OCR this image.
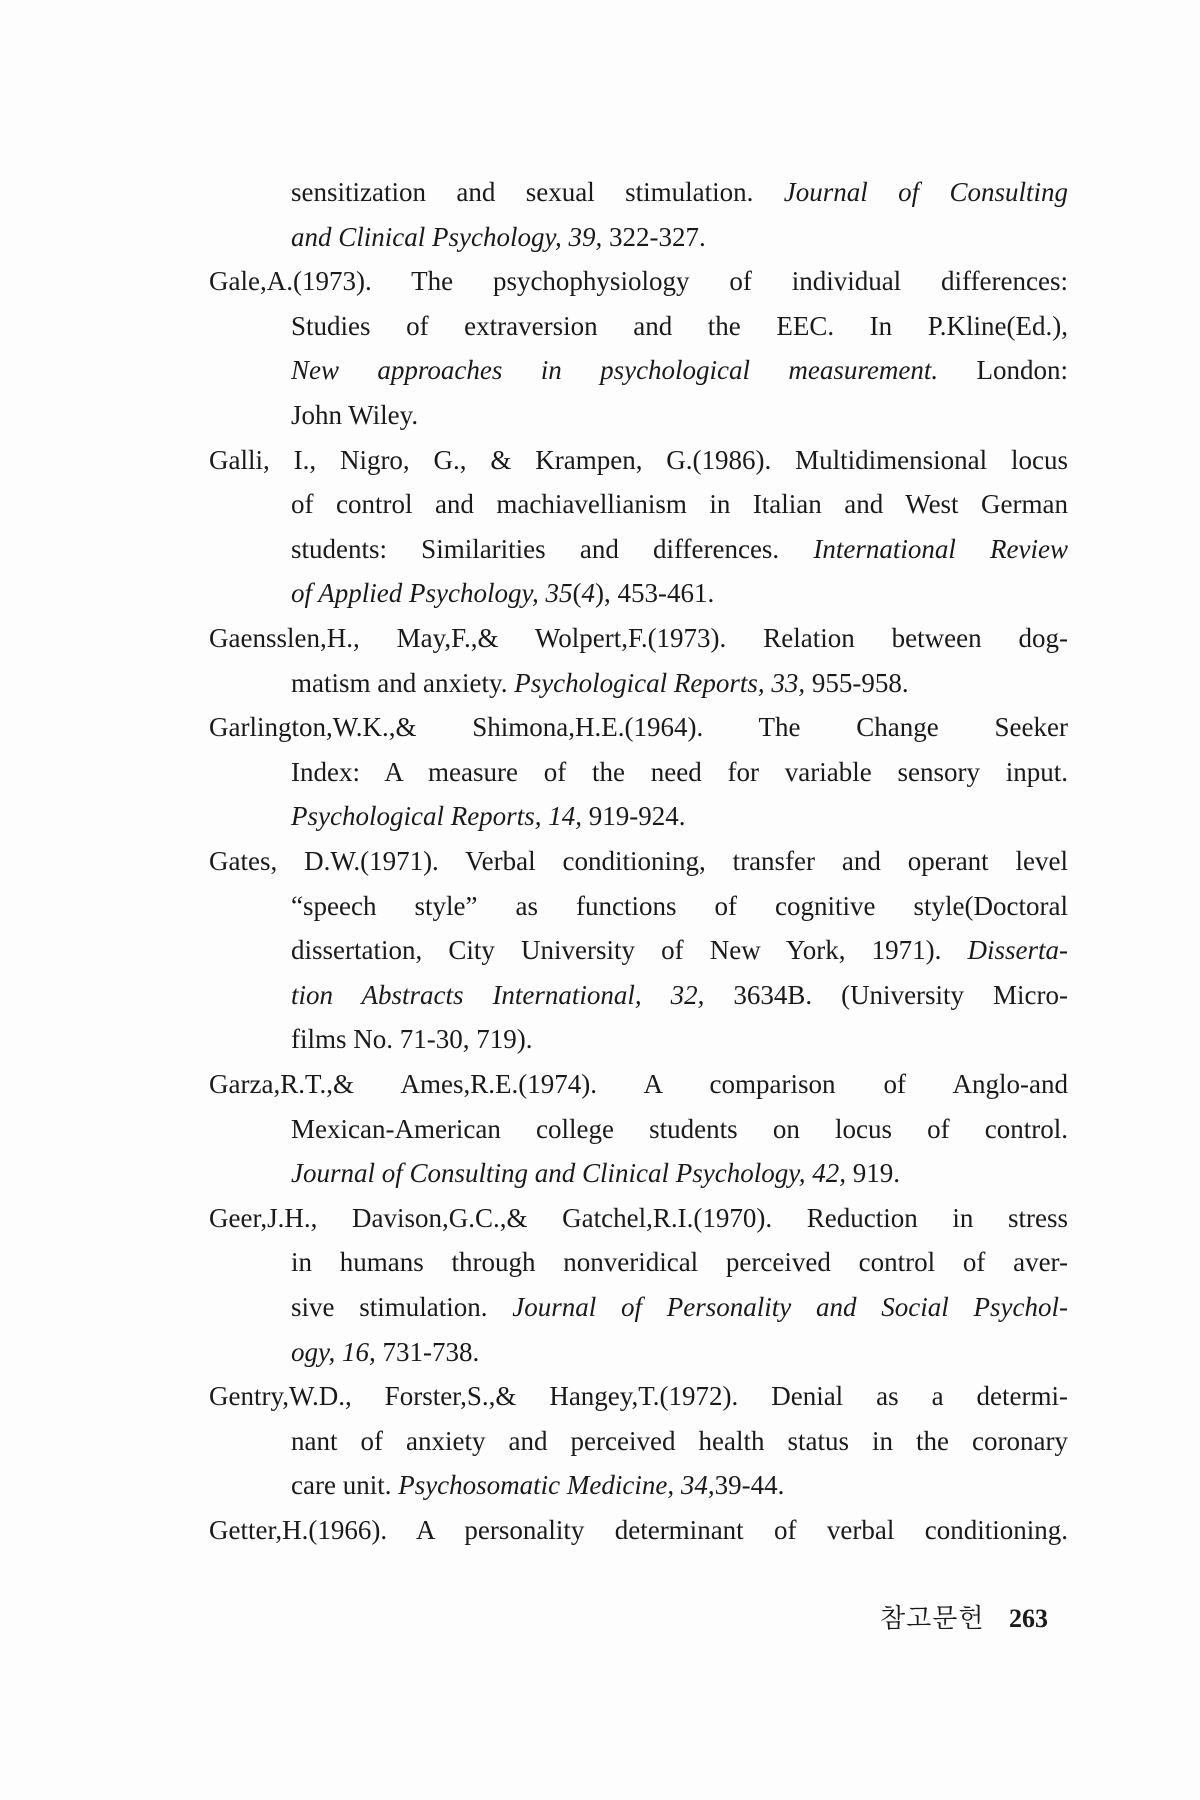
sensitization and sexual stimulation. Journal of Consulting
and Clinical Psychology, 39, 322-327.
Gale,A.(1973). The psychophysiology of individual differences:
Studies of extraversion and the EEC. In P.Kline(Ed.),
New approaches in psychological measurement. London:
John Wiley.
Galli, I., Nigro, G., & Krampen, G.(1986). Multidimensional locus
of control and machiavellianism in Italian and West German
students: Similarities and differences. International Review
of Applied Psychology, 35(4), 453-461.
Gaensslen,H., May,F.,& Wolpert,F.(1973). Relation between dog-
matism and anxiety. Psychological Reports, 33, 955-958.
Garlington,W.K.,& Shimona,H.E.(1964). The Change Seeker
Index: A measure of the need for variable sensory input.
Psychological Reports, 14, 919-924.
Gates, D.W.(1971). Verbal conditioning, transfer and operant level
“speech style” as functions of cognitive style(Doctoral
dissertation, City University of New York, 1971). Disserta-
tion Abstracts International, 32, 3634B. (University Micro-
films No. 71-30, 719).
Garza,R.T.,& Ames,R.E.(1974). A comparison of Anglo-and
Mexican-American college students on locus of control.
Journal of Consulting and Clinical Psychology, 42, 919.
Geer,J.H., Davison,G.C.,& Gatchel,R.I.(1970). Reduction in stress
in humans through nonveridical perceived control of aver-
sive stimulation. Journal of Personality and Social Psychol-
ogy, 16, 731-738.
Gentry,W.D., Forster,S.,& Hangey,T.(1972). Denial as a determi-
nant of anxiety and perceived health status in the coronary
care unit. Psychosomatic Medicine, 34,39-44.
Getter,H.(1966). A personality determinant of verbal conditioning.
참고문헌 263
